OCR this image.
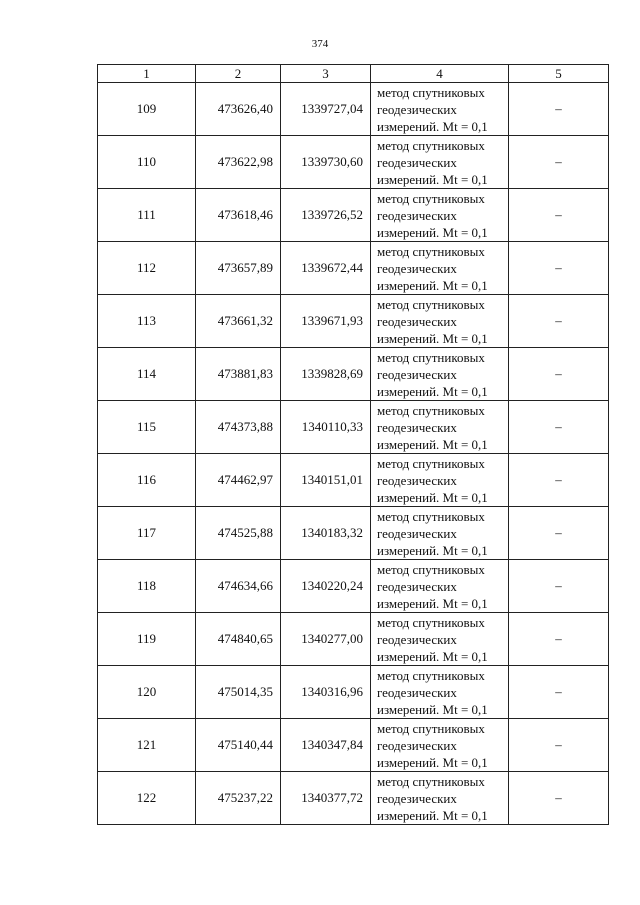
374
1	2	3	4	5
109	473626,40	1339727,04	метод спутниковых
геодезических
измерений. Mt = 0,1	–
110	473622,98	1339730,60	метод спутниковых
геодезических
измерений. Mt = 0,1	–
111	473618,46	1339726,52	метод спутниковых
геодезических
измерений. Mt = 0,1	–
112	473657,89	1339672,44	метод спутниковых
геодезических
измерений. Mt = 0,1	–
113	473661,32	1339671,93	метод спутниковых
геодезических
измерений. Mt = 0,1	–
114	473881,83	1339828,69	метод спутниковых
геодезических
измерений. Mt = 0,1	–
115	474373,88	1340110,33	метод спутниковых
геодезических
измерений. Mt = 0,1	–
116	474462,97	1340151,01	метод спутниковых
геодезических
измерений. Mt = 0,1	–
117	474525,88	1340183,32	метод спутниковых
геодезических
измерений. Mt = 0,1	–
118	474634,66	1340220,24	метод спутниковых
геодезических
измерений. Mt = 0,1	–
119	474840,65	1340277,00	метод спутниковых
геодезических
измерений. Mt = 0,1	–
120	475014,35	1340316,96	метод спутниковых
геодезических
измерений. Mt = 0,1	–
121	475140,44	1340347,84	метод спутниковых
геодезических
измерений. Mt = 0,1	–
122	475237,22	1340377,72	метод спутниковых
геодезических
измерений. Mt = 0,1	–
